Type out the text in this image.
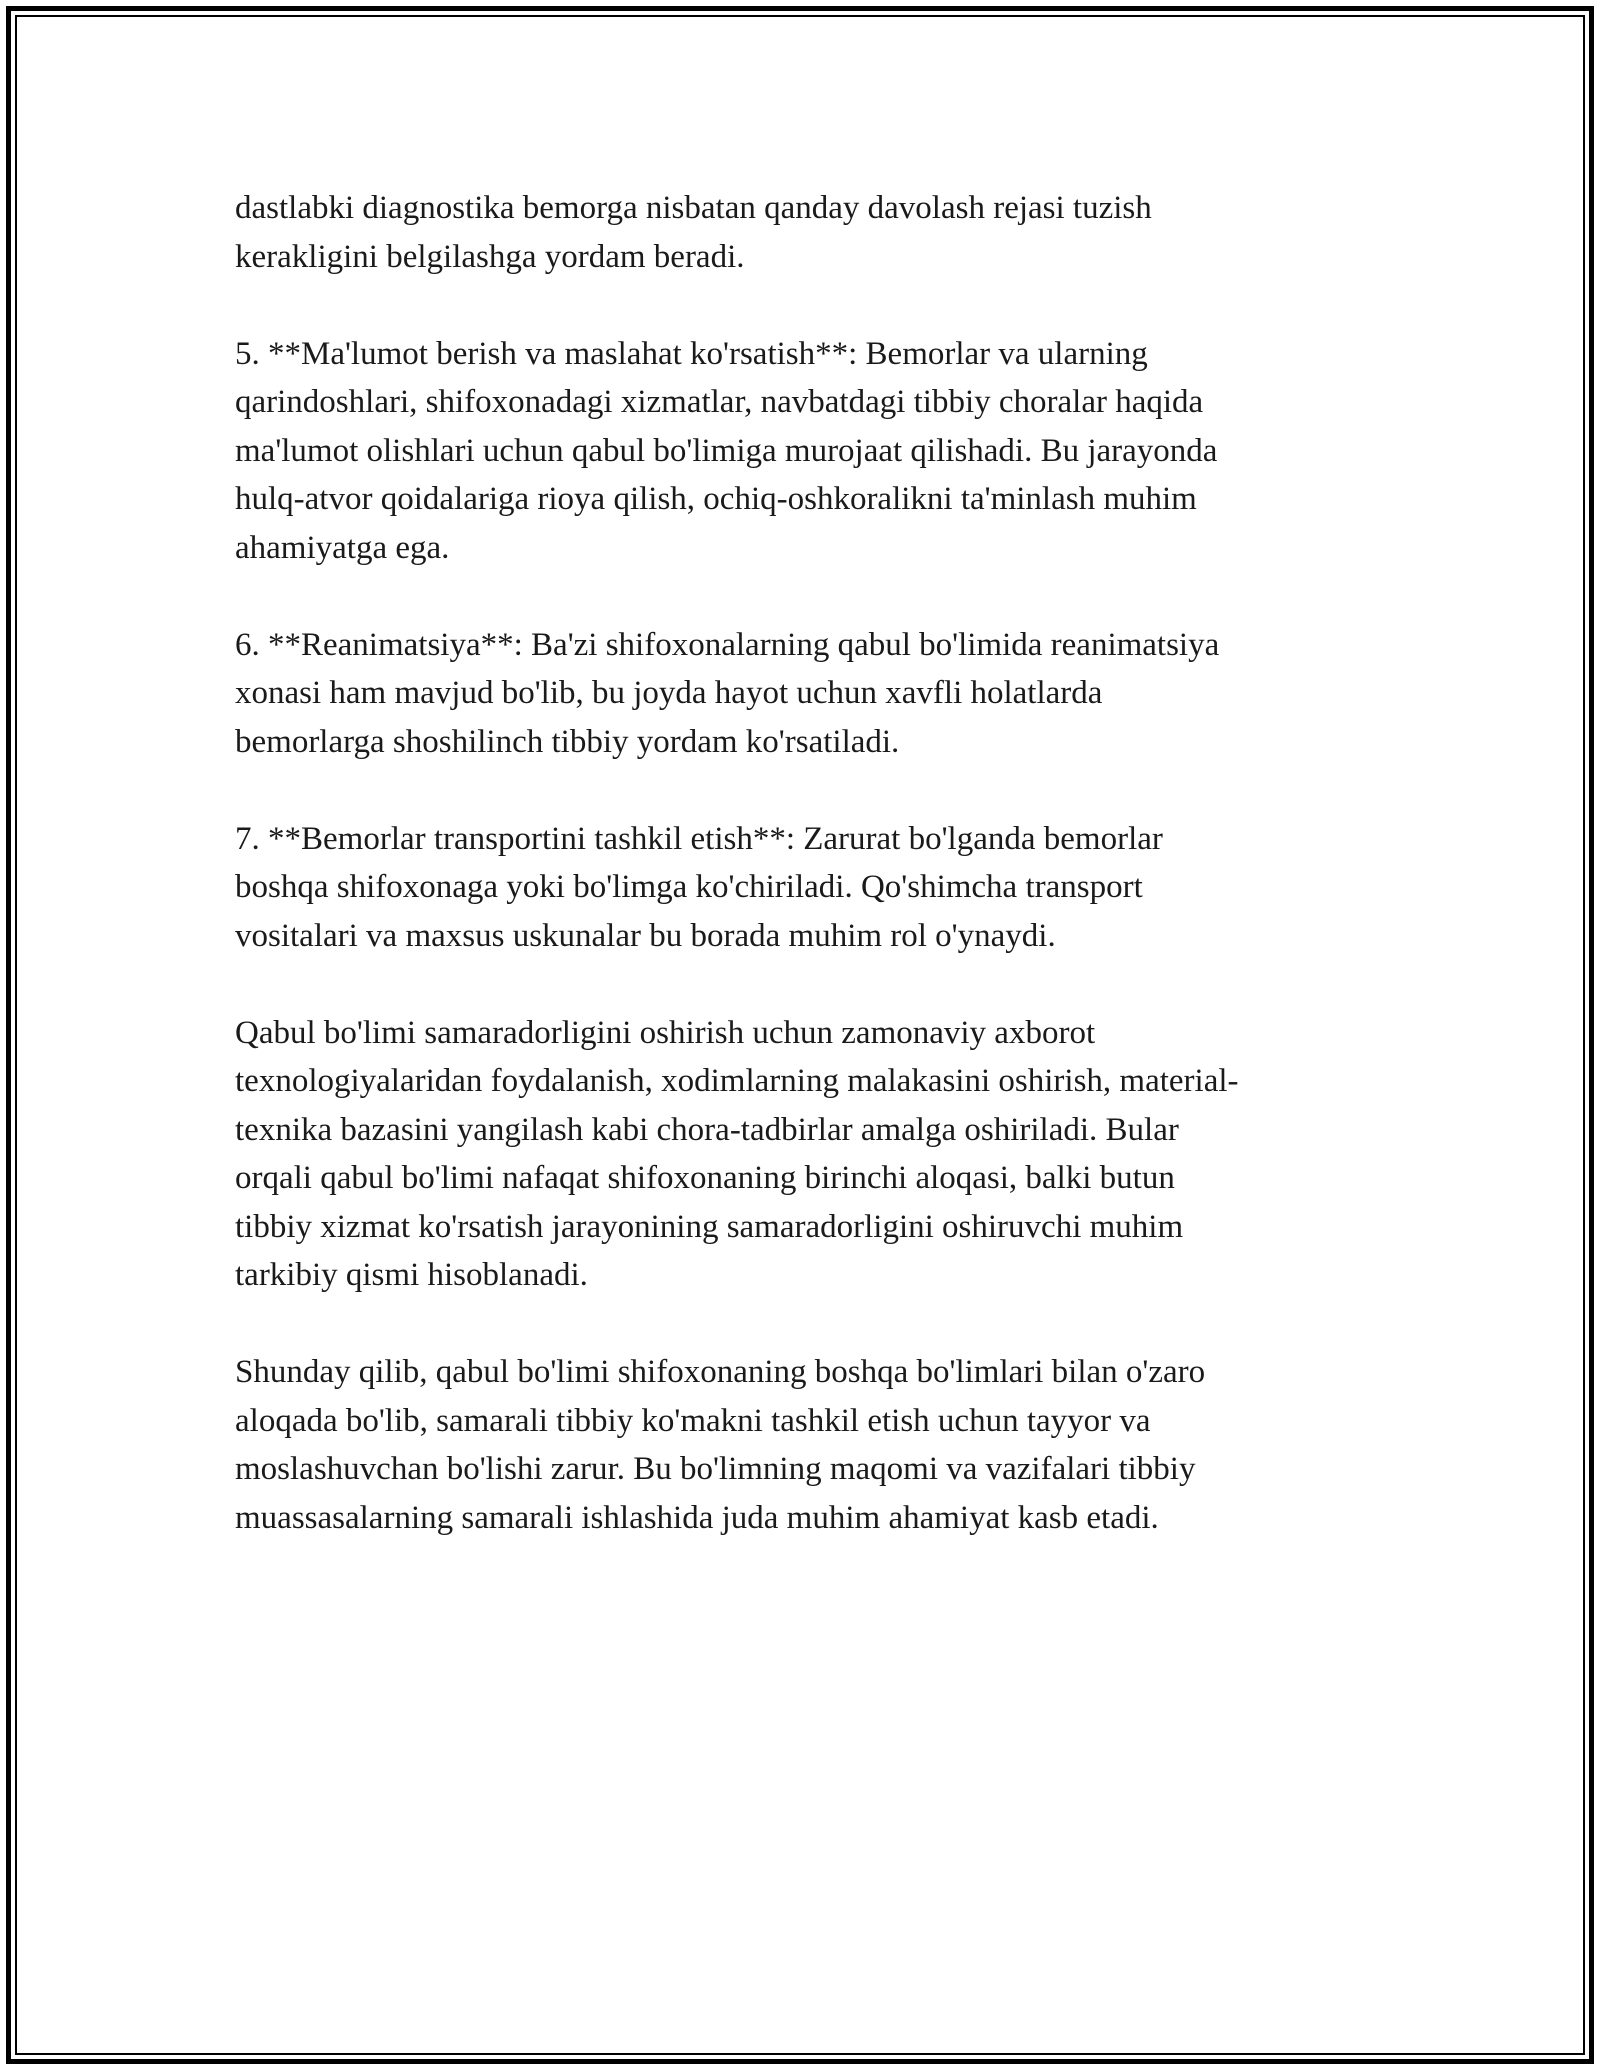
dastlabki diagnostika bemorga nisbatan qanday davolash rejasi tuzish
kerakligini belgilashga yordam beradi.

5. **Ma'lumot berish va maslahat ko'rsatish**: Bemorlar va ularning
qarindoshlari, shifoxonadagi xizmatlar, navbatdagi tibbiy choralar haqida
ma'lumot olishlari uchun qabul bo'limiga murojaat qilishadi. Bu jarayonda
hulq-atvor qoidalariga rioya qilish, ochiq-oshkoralikni ta'minlash muhim
ahamiyatga ega.

6. **Reanimatsiya**: Ba'zi shifoxonalarning qabul bo'limida reanimatsiya
xonasi ham mavjud bo'lib, bu joyda hayot uchun xavfli holatlarda
bemorlarga shoshilinch tibbiy yordam ko'rsatiladi.

7. **Bemorlar transportini tashkil etish**: Zarurat bo'lganda bemorlar
boshqa shifoxonaga yoki bo'limga ko'chiriladi. Qo'shimcha transport
vositalari va maxsus uskunalar bu borada muhim rol o'ynaydi.

Qabul bo'limi samaradorligini oshirish uchun zamonaviy axborot
texnologiyalaridan foydalanish, xodimlarning malakasini oshirish, material-
texnika bazasini yangilash kabi chora-tadbirlar amalga oshiriladi. Bular
orqali qabul bo'limi nafaqat shifoxonaning birinchi aloqasi, balki butun
tibbiy xizmat ko'rsatish jarayonining samaradorligini oshiruvchi muhim
tarkibiy qismi hisoblanadi.

Shunday qilib, qabul bo'limi shifoxonaning boshqa bo'limlari bilan o'zaro
aloqada bo'lib, samarali tibbiy ko'makni tashkil etish uchun tayyor va
moslashuvchan bo'lishi zarur. Bu bo'limning maqomi va vazifalari tibbiy
muassasalarning samarali ishlashida juda muhim ahamiyat kasb etadi.
